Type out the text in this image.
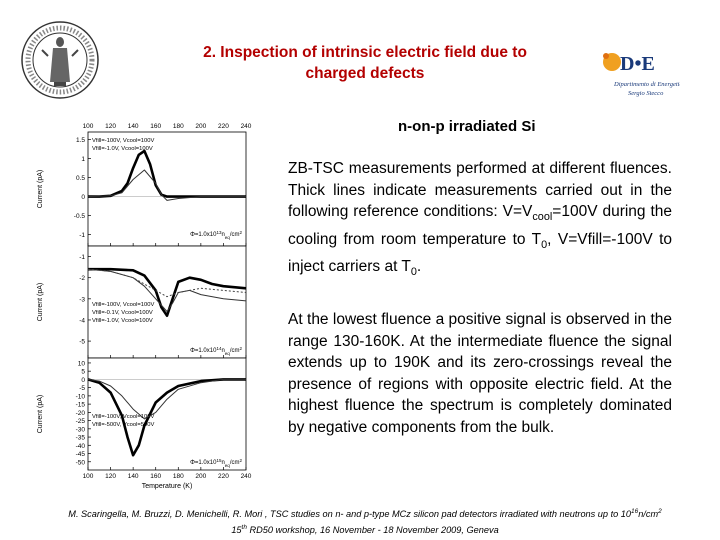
D•E
Dipartimento di Energetica
Sergio Stecco
2. Inspection of intrinsic electric field due to
charged defects
1.5
1
0.5
0
-0.5
-1
Vfill=-100V, Vcool=100V
Vfill=-1.0V, Vcool=100V
$\Phi=1.0x10^{13}n_{eq}/cm^2$
Current (pA)
-1
-2
-3
-4
-5
Vfill=-100V, Vcool=100V
Vfill=-0.1V, Vcool=100V
Vfill=-1.0V, Vcool=100V
$\Phi=1.0x10^{14}n_{eq}/cm^2$
Current (pA)
10
5
0
-5
-10
-15
-20
-25
-30
-35
-40
-45
-50
Vfill=-100V, Vcool=100V
Vfill=-500V, Vcool=500V
$\Phi=1.0x10^{15}n_{eq}/cm^2$
Current (pA)
100 120 140 160 180 200 220 240
100 120 140 160 180 200 220 240
Temperature (K)
n-on-p irradiated Si
ZB-TSC measurements performed at different fluences. Thick lines indicate measurements carried out in the following reference conditions: $V=V_{cool}=100V$ during the cooling from room temperature to $T_0$, V=Vfill=-100V to inject carriers at $T_0$.
At the lowest fluence a positive signal is observed in the range 130-160K. At the intermediate fluence the signal extends up to 190K and its zero-crossings reveal the presence of regions with opposite electric field. At the highest fluence the spectrum is completely dominated by negative components from the bulk.
M. Scaringella, M. Bruzzi, D. Menichelli, R. Mori , TSC studies on n- and p-type MCz silicon pad detectors irradiated with neutrons up to $10^{16}n/cm^2$
15th RD50 workshop, 16 November - 18 November 2009, Geneva
